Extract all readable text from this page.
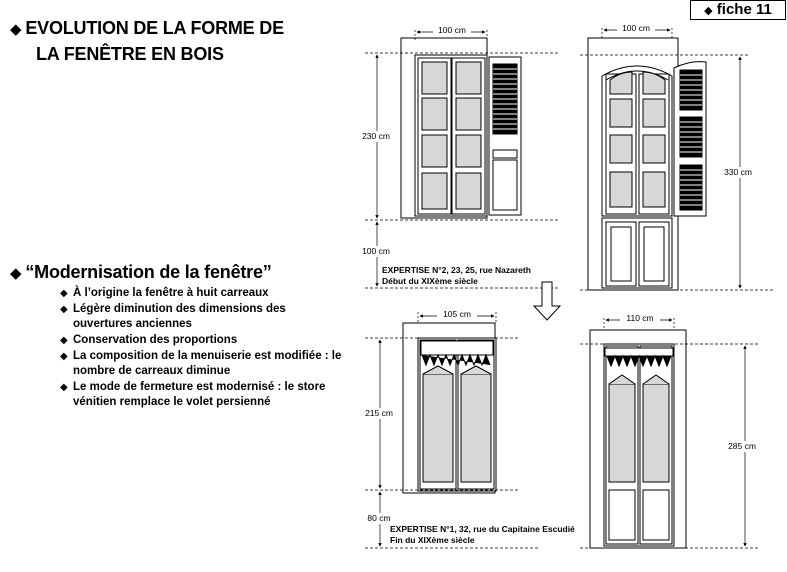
◆ fiche 11
◆ EVOLUTION DE LA FORME DE
LA FENÊTRE EN BOIS
◆ “Modernisation de la fenêtre”
◆ À l’origine la fenêtre à huit carreaux
◆ Légère diminution des dimensions des ouvertures anciennes
◆ Conservation des proportions
◆ La composition de la menuiserie est modifiée : le nombre de carreaux diminue
◆ Le mode de fermeture est modernisé : le store vénitien remplace le volet persienné
EXPERTISE N°2, 23, 25, rue Nazareth
Début du XIXème siècle
EXPERTISE N°1, 32, rue du Capitaine Escudié
Fin du XIXème siècle
100 cm	100 cm
105 cm	110 cm
230 cm
100 cm
330 cm
215 cm
80 cm
285 cm
